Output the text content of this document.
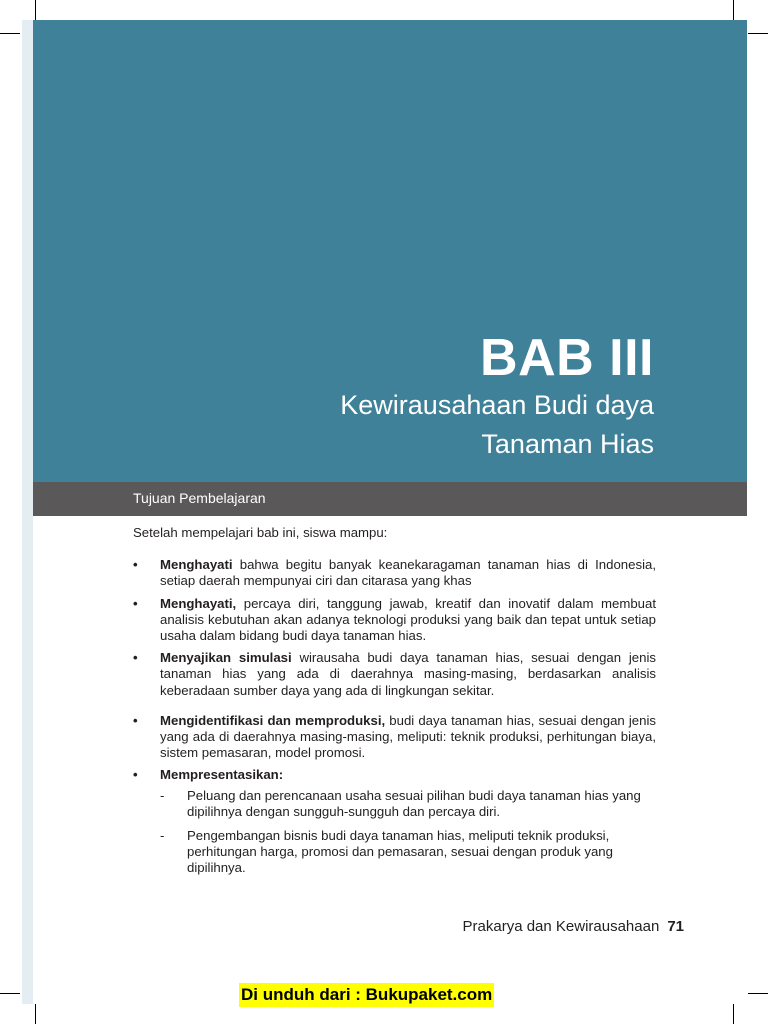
BAB III
Kewirausahaan Budi daya
Tanaman Hias
Tujuan Pembelajaran

Setelah mempelajari bab ini, siswa mampu:

• Menghayati bahwa begitu banyak keanekaragaman tanaman hias di Indonesia, setiap daerah mempunyai ciri dan citarasa yang khas
• Menghayati, percaya diri, tanggung jawab, kreatif dan inovatif dalam membuat analisis kebutuhan akan adanya teknologi produksi yang baik dan tepat untuk setiap usaha dalam bidang budi daya tanaman hias.
• Menyajikan simulasi wirausaha budi daya tanaman hias, sesuai dengan jenis tanaman hias yang ada di daerahnya masing-masing, berdasarkan analisis keberadaan sumber daya yang ada di lingkungan sekitar.
• Mengidentifikasi dan memproduksi, budi daya tanaman hias, sesuai dengan jenis yang ada di daerahnya masing-masing, meliputi: teknik produksi, perhitungan biaya, sistem pemasaran, model promosi.
• Mempresentasikan:
- Peluang dan perencanaan usaha sesuai pilihan budi daya tanaman hias yang dipilihnya dengan sungguh-sungguh dan percaya diri.
- Pengembangan bisnis budi daya tanaman hias, meliputi teknik produksi, perhitungan harga, promosi dan pemasaran, sesuai dengan produk yang dipilihnya.
Prakarya dan Kewirausahaan 71
Di unduh dari : Bukupaket.com
